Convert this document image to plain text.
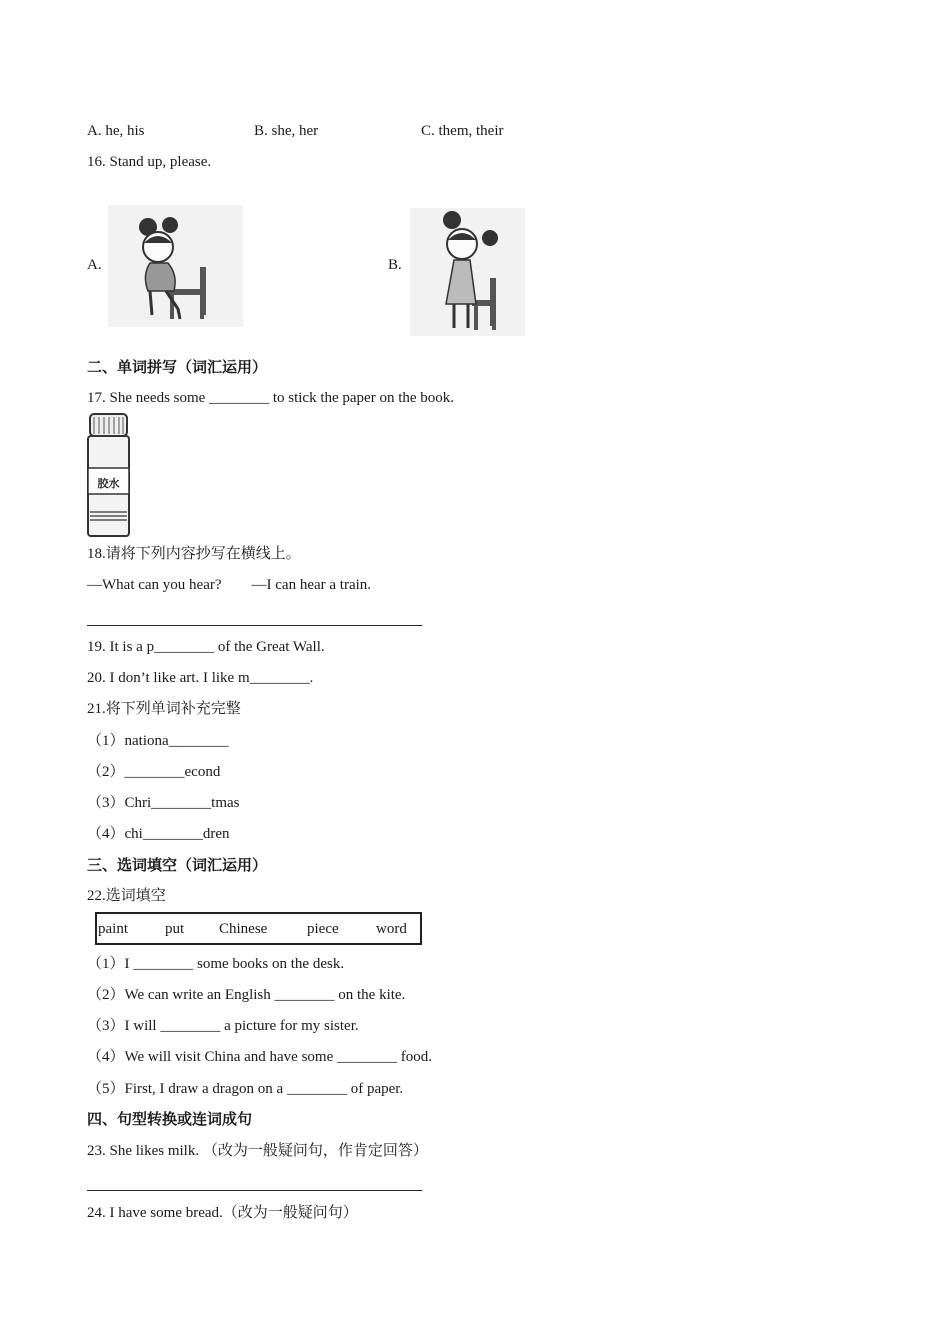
A. he, his	B. she, her	C. them, their
16. Stand up, please.
A.	B.
二、单词拼写（词汇运用）
17. She needs some ________ to stick the paper on the book.
胶水
18.请将下列内容抄写在横线上。
—What can you hear?        —I can hear a train.
19. It is a p________ of the Great Wall.
20. I don’t like art. I like m________.
21.将下列单词补充完整
（1）nationa________
（2）________econd
（3）Chri________tmas
（4）chi________dren
三、选词填空（词汇运用）
22.选词填空
paint put Chinese	piece word
（1）I ________ some books on the desk.
（2）We can write an English ________ on the kite.
（3）I will ________ a picture for my sister.
（4）We will visit China and have some ________ food.
（5）First, I draw a dragon on a ________ of paper.
四、句型转换或连词成句
23. She likes milk. （改为一般疑问句，作肯定回答）
24. I have some bread.（改为一般疑问句）
